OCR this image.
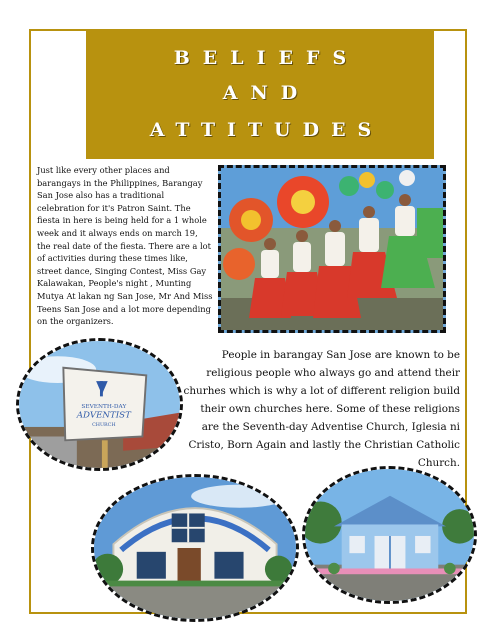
BELIEFS
AND
ATTITUDES

Just like every other places and barangays in the Philippines, Barangay San Jose also has a traditional celebration for it's Patron Saint. The fiesta in here is being held for a 1 whole week and it always ends on march 19, the real date of the fiesta. There are a lot of activities during these times like, street dance, Singing Contest, Miss Gay Kalawakan, People's night , Munting Mutya At lakan ng San Jose, Mr And Miss Teens San Jose and a lot more depending on the organizers.

People in barangay San Jose are known to be religious people who always go and attend their churhes which is why a lot of different religion build their own churches here. Some of these religions are the Seventh-day Adventise Church, Iglesia ni Cristo, Born Again and lastly the Christian Catholic Church.

SEVENTH-DAY
ADVENTIST
CHURCH
